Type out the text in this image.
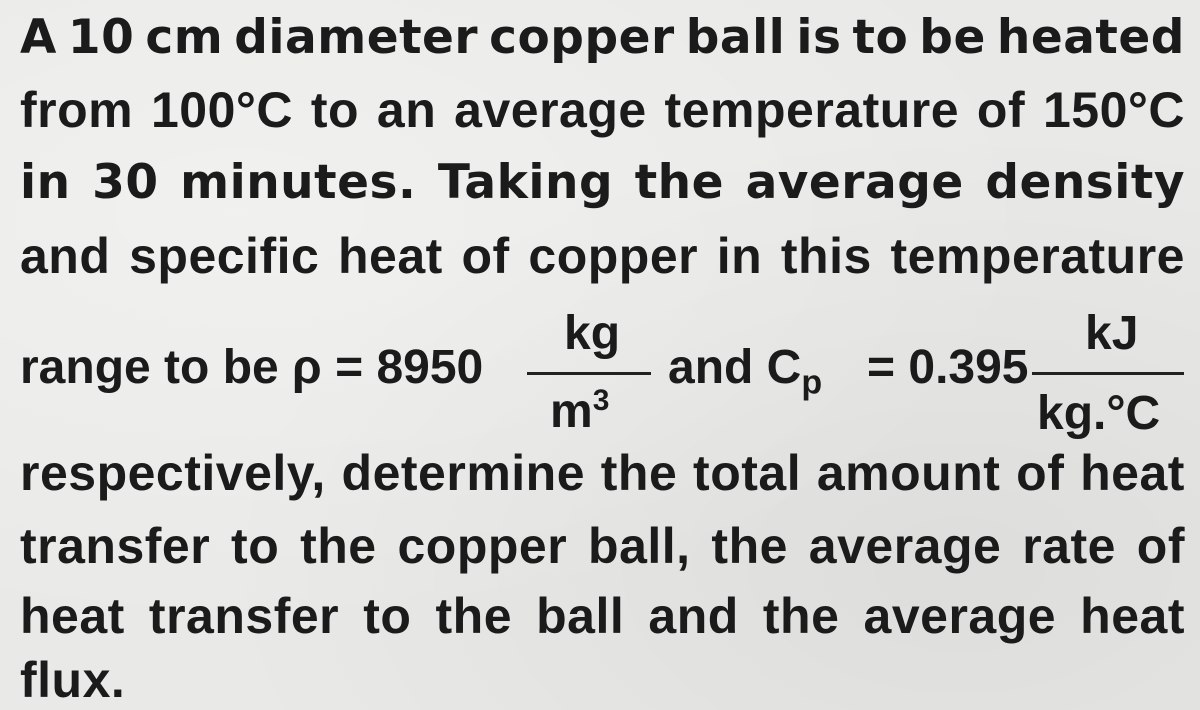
A 10 cm diameter copper ball is to be heated
from 100°C to an average temperature of 150°C
in 30 minutes. Taking the average density
and specific heat of copper in this temperature
range to be ρ = 8950
kg
$m^3$
and $C_p = 0.395$
kJ
kg.°C
respectively, determine the total amount of heat
transfer to the copper ball, the average rate of
heat transfer to the ball and the average heat
flux.
